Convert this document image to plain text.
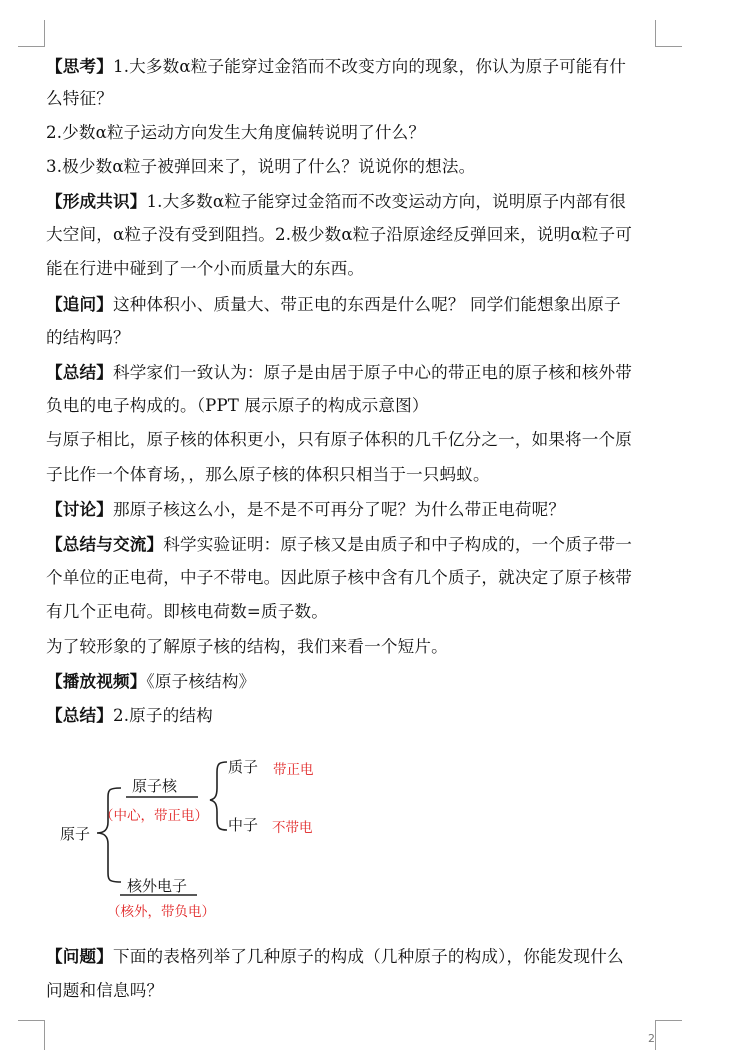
【思考】1.大多数α粒子能穿过金箔而不改变方向的现象，你认为原子可能有什
么特征？
2.少数α粒子运动方向发生大角度偏转说明了什么？
3.极少数α粒子被弹回来了，说明了什么？说说你的想法。
【形成共识】1.大多数α粒子能穿过金箔而不改变运动方向，说明原子内部有很
大空间，α粒子没有受到阻挡。2.极少数α粒子沿原途经反弹回来，说明α粒子可
能在行进中碰到了一个小而质量大的东西。
【追问】这种体积小、质量大、带正电的东西是什么呢？ 同学们能想象出原子
的结构吗？
【总结】科学家们一致认为：原子是由居于原子中心的带正电的原子核和核外带
负电的电子构成的。（PPT 展示原子的构成示意图）
与原子相比，原子核的体积更小，只有原子体积的几千亿分之一，如果将一个原
子比作一个体育场，，那么原子核的体积只相当于一只蚂蚁。
【讨论】那原子核这么小，是不是不可再分了呢？为什么带正电荷呢？
【总结与交流】科学实验证明：原子核又是由质子和中子构成的，一个质子带一
个单位的正电荷，中子不带电。因此原子核中含有几个质子，就决定了原子核带
有几个正电荷。即核电荷数=质子数。
为了较形象的了解原子核的结构，我们来看一个短片。
【播放视频】《原子核结构》
【总结】2.原子的结构
原子
原子核
（中心，带正电）
质子 带正电
中子 不带电
核外电子
（核外，带负电）
【问题】下面的表格列举了几种原子的构成（几种原子的构成），你能发现什么
问题和信息吗？
2
